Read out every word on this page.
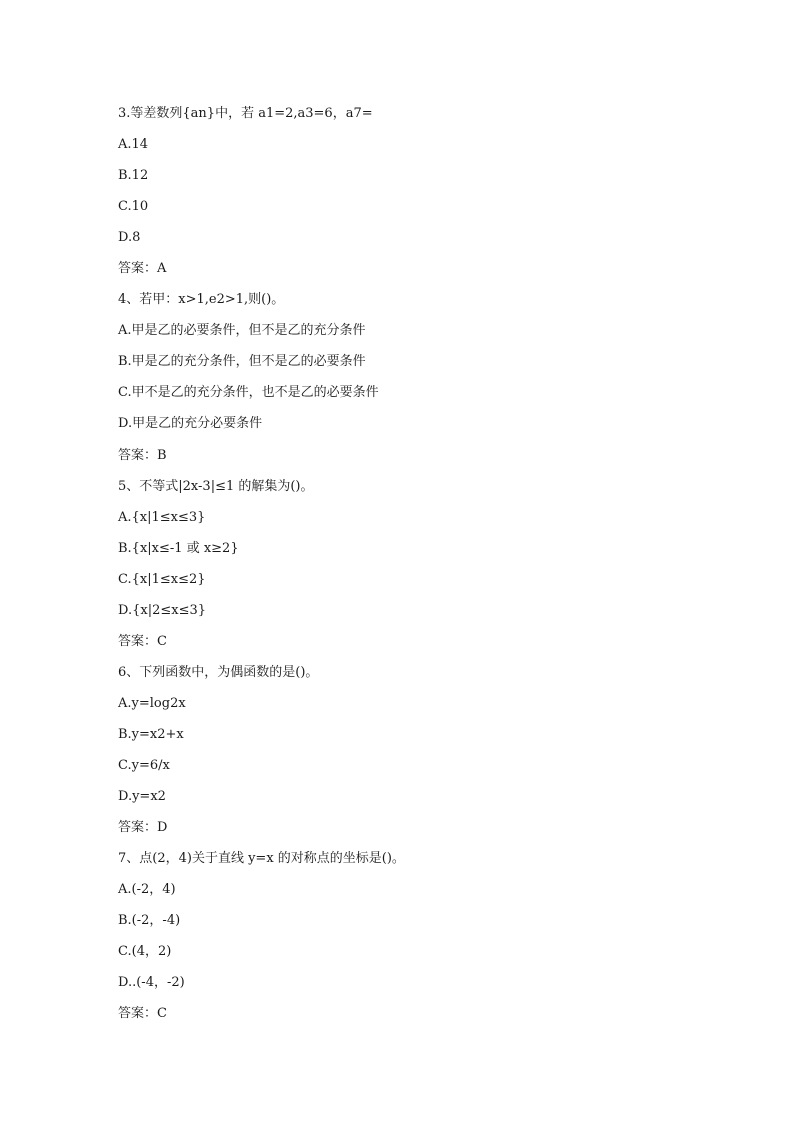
3.等差数列{an}中，若 a1=2,a3=6，a7=
A.14
B.12
C.10
D.8
答案：A
4、若甲：x>1,e2>1,则()。
A.甲是乙的必要条件，但不是乙的充分条件
B.甲是乙的充分条件，但不是乙的必要条件
C.甲不是乙的充分条件，也不是乙的必要条件
D.甲是乙的充分必要条件
答案：B
5、不等式|2x-3|≤1 的解集为()。
A.{x|1≤x≤3}
B.{x|x≤-1 或 x≥2}
C.{x|1≤x≤2}
D.{x|2≤x≤3}
答案：C
6、下列函数中，为偶函数的是()。
A.y=log2x
B.y=x2+x
C.y=6/x
D.y=x2
答案：D
7、点(2，4)关于直线 y=x 的对称点的坐标是()。
A.(-2，4)
B.(-2，-4)
C.(4，2)
D..(-4，-2)
答案：C
